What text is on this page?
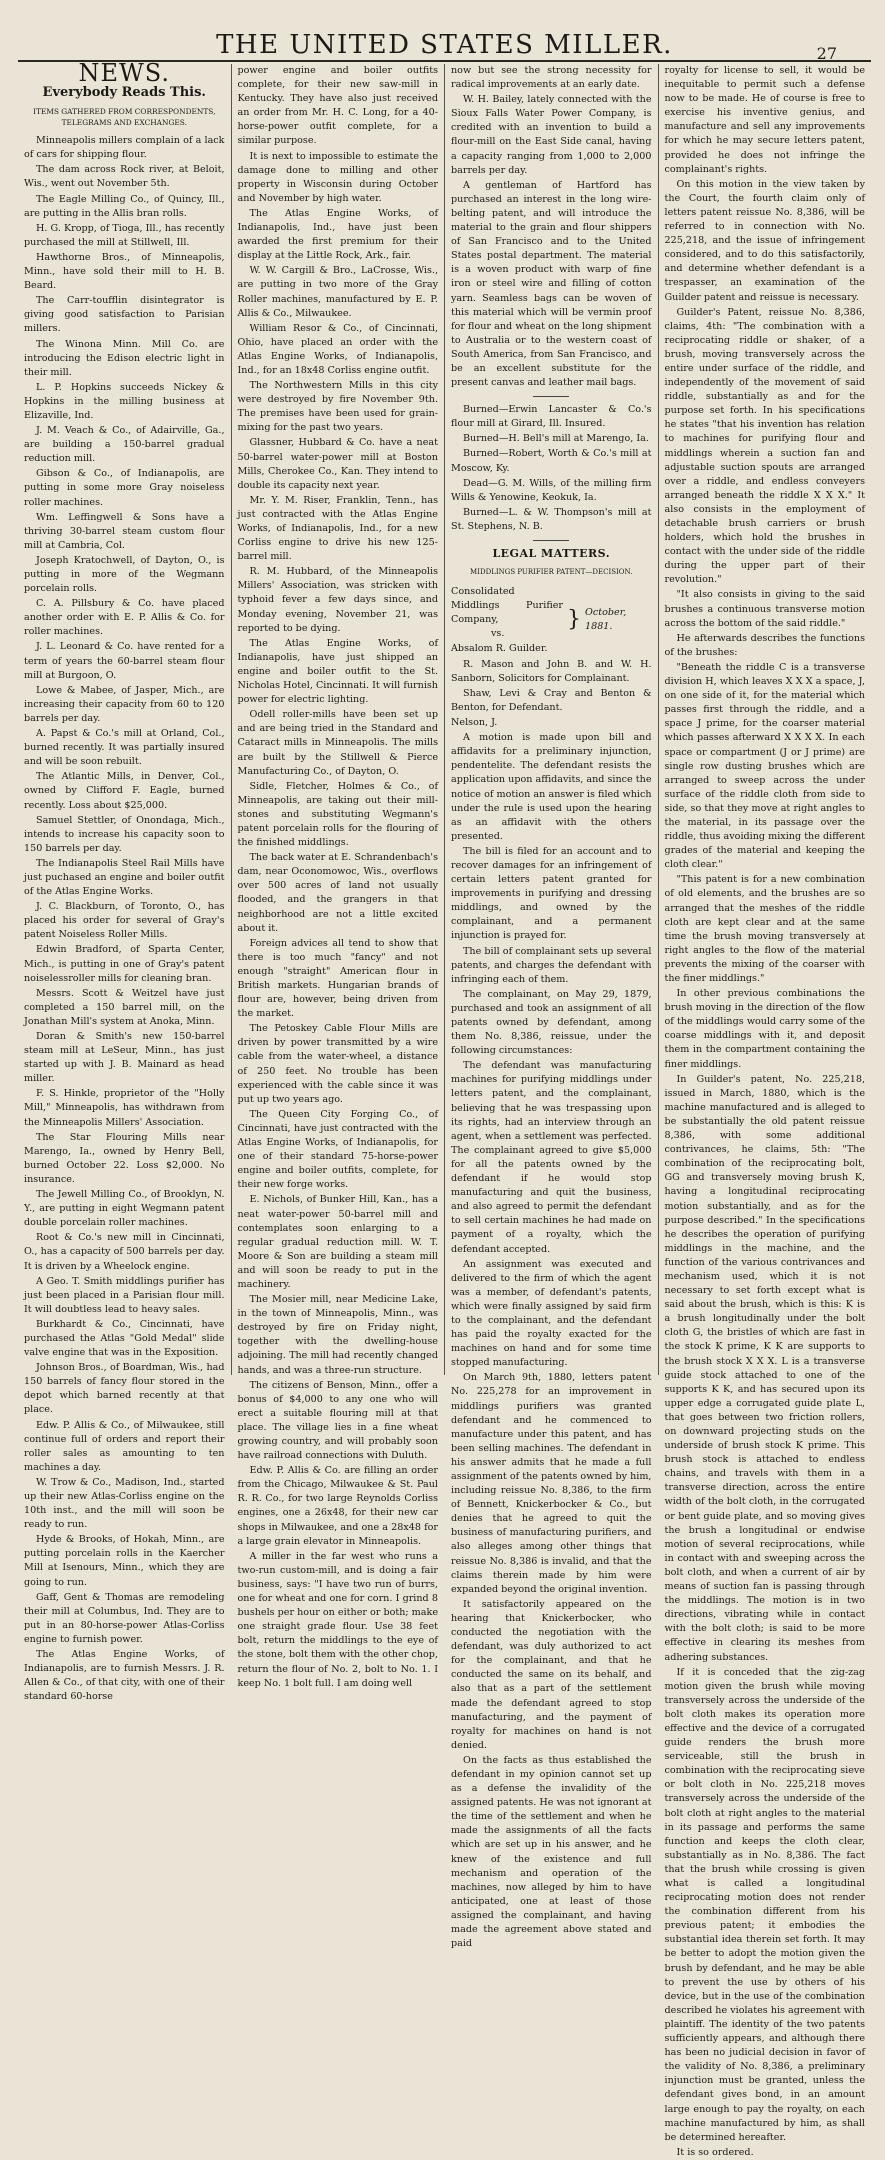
THE UNITED STATES MILLER.	27
NEWS.
Everybody Reads This.
ITEMS GATHERED FROM CORRESPONDENTS, TELEGRAMS AND EXCHANGES.

Minneapolis millers complain of a lack of cars for shipping flour.

The dam across Rock river, at Beloit, Wis., went out November 5th.

The Eagle Milling Co., of Quincy, Ill., are putting in the Allis bran rolls.

H. G. Kropp, of Tioga, Ill., has recently purchased the mill at Stillwell, Ill.

Hawthorne Bros., of Minneapolis, Minn., have sold their mill to H. B. Beard.

The Carr-toufflin disintegrator is giving good satisfaction to Parisian millers.

The Winona Minn. Mill Co. are introducing the Edison electric light in their mill.

L. P. Hopkins succeeds Nickey & Hopkins in the milling business at Elizaville, Ind.

J. M. Veach & Co., of Adairville, Ga., are building a 150-barrel gradual reduction mill.

Gibson & Co., of Indianapolis, are putting in some more Gray noiseless roller machines.

Wm. Leffingwell & Sons have a thriving 30-barrel steam custom flour mill at Cambria, Col.

Joseph Kratochwell, of Dayton, O., is putting in more of the Wegmann porcelain rolls.

C. A. Pillsbury & Co. have placed another order with E. P. Allis & Co. for roller machines.

J. L. Leonard & Co. have rented for a term of years the 60-barrel steam flour mill at Burgoon, O.

Lowe & Mabee, of Jasper, Mich., are increasing their capacity from 60 to 120 barrels per day.

A. Papst & Co.'s mill at Orland, Col., burned recently. It was partially insured and will be soon rebuilt.

The Atlantic Mills, in Denver, Col., owned by Clifford F. Eagle, burned recently. Loss about $25,000.

Samuel Stettler, of Onondaga, Mich., intends to increase his capacity soon to 150 barrels per day.

The Indianapolis Steel Rail Mills have just puchased an engine and boiler outfit of the Atlas Engine Works.

J. C. Blackburn, of Toronto, O., has placed his order for several of Gray's patent Noiseless Roller Mills.

Edwin Bradford, of Sparta Center, Mich., is putting in one of Gray's patent noiselessroller mills for cleaning bran.

Messrs. Scott & Weitzel have just completed a 150 barrel mill, on the Jonathan Mill's system at Anoka, Minn.

Doran & Smith's new 150-barrel steam mill at LeSeur, Minn., has just started up with J. B. Mainard as head miller.

F. S. Hinkle, proprietor of the "Holly Mill," Minneapolis, has withdrawn from the Minneapolis Millers' Association.

The Star Flouring Mills near Marengo, Ia., owned by Henry Bell, burned October 22. Loss $2,000. No insurance.

The Jewell Milling Co., of Brooklyn, N. Y., are putting in eight Wegmann patent double porcelain roller machines.

Root & Co.'s new mill in Cincinnati, O., has a capacity of 500 barrels per day. It is driven by a Wheelock engine.

A Geo. T. Smith middlings purifier has just been placed in a Parisian flour mill. It will doubtless lead to heavy sales.

Burkhardt & Co., Cincinnati, have purchased the Atlas "Gold Medal" slide valve engine that was in the Exposition.

Johnson Bros., of Boardman, Wis., had 150 barrels of fancy flour stored in the depot which barned recently at that place.

Edw. P. Allis & Co., of Milwaukee, still continue full of orders and report their roller sales as amounting to ten machines a day.

W. Trow & Co., Madison, Ind., started up their new Atlas-Corliss engine on the 10th inst., and the mill will soon be ready to run.

Hyde & Brooks, of Hokah, Minn., are putting porcelain rolls in the Kaercher Mill at Isenours, Minn., which they are going to run.

Gaff, Gent & Thomas are remodeling their mill at Columbus, Ind. They are to put in an 80-horse-power Atlas-Corliss engine to furnish power.

The Atlas Engine Works, of Indianapolis, are to furnish Messrs. J. R. Allen & Co., of that city, with one of their standard 60-horse

power engine and boiler outfits complete, for their new saw-mill in Kentucky. They have also just received an order from Mr. H. C. Long, for a 40-horse-power outfit complete, for a similar purpose.

It is next to impossible to estimate the damage done to milling and other property in Wisconsin during October and November by high water.

The Atlas Engine Works, of Indianapolis, Ind., have just been awarded the first premium for their display at the Little Rock, Ark., fair.

W. W. Cargill & Bro., LaCrosse, Wis., are putting in two more of the Gray Roller machines, manufactured by E. P. Allis & Co., Milwaukee.

William Resor & Co., of Cincinnati, Ohio, have placed an order with the Atlas Engine Works, of Indianapolis, Ind., for an 18x48 Corliss engine outfit.

The Northwestern Mills in this city were destroyed by fire November 9th. The premises have been used for grain-mixing for the past two years.

Glassner, Hubbard & Co. have a neat 50-barrel water-power mill at Boston Mills, Cherokee Co., Kan. They intend to double its capacity next year.

Mr. Y. M. Riser, Franklin, Tenn., has just contracted with the Atlas Engine Works, of Indianapolis, Ind., for a new Corliss engine to drive his new 125-barrel mill.

R. M. Hubbard, of the Minneapolis Millers' Association, was stricken with typhoid fever a few days since, and Monday evening, November 21, was reported to be dying.

The Atlas Engine Works, of Indianapolis, have just shipped an engine and boiler outfit to the St. Nicholas Hotel, Cincinnati. It will furnish power for electric lighting.

Odell roller-mills have been set up and are being tried in the Standard and Cataract mills in Minneapolis. The mills are built by the Stillwell & Pierce Manufacturing Co., of Dayton, O.

Sidle, Fletcher, Holmes & Co., of Minneapolis, are taking out their mill-stones and substituting Wegmann's patent porcelain rolls for the flouring of the finished middlings.

The back water at E. Schrandenbach's dam, near Oconomowoc, Wis., overflows over 500 acres of land not usually flooded, and the grangers in that neighborhood are not a little excited about it.

Foreign advices all tend to show that there is too much "fancy" and not enough "straight" American flour in British markets. Hungarian brands of flour are, however, being driven from the market.

The Petoskey Cable Flour Mills are driven by power transmitted by a wire cable from the water-wheel, a distance of 250 feet. No trouble has been experienced with the cable since it was put up two years ago.

The Queen City Forging Co., of Cincinnati, have just contracted with the Atlas Engine Works, of Indianapolis, for one of their standard 75-horse-power engine and boiler outfits, complete, for their new forge works.

E. Nichols, of Bunker Hill, Kan., has a neat water-power 50-barrel mill and contemplates soon enlarging to a regular gradual reduction mill. W. T. Moore & Son are building a steam mill and will soon be ready to put in the machinery.

The Mosier mill, near Medicine Lake, in the town of Minneapolis, Minn., was destroyed by fire on Friday night, together with the dwelling-house adjoining. The mill had recently changed hands, and was a three-run structure.

The citizens of Benson, Minn., offer a bonus of $4,000 to any one who will erect a suitable flouring mill at that place. The village lies in a fine wheat growing country, and will probably soon have railroad connections with Duluth.

Edw. P. Allis & Co. are filling an order from the Chicago, Milwaukee & St. Paul R. R. Co., for two large Reynolds Corliss engines, one a 26x48, for their new car shops in Milwaukee, and one a 28x48 for a large grain elevator in Minneapolis.

A miller in the far west who runs a two-run custom-mill, and is doing a fair business, says: "I have two run of burrs, one for wheat and one for corn. I grind 8 bushels per hour on either or both; make one straight grade flour. Use 38 feet bolt, return the middlings to the eye of the stone, bolt them with the other chop, return the flour of No. 2, bolt to No. 1. I keep No. 1 bolt full. I am doing well

now but see the strong necessity for radical improvements at an early date.

W. H. Bailey, lately connected with the Sioux Falls Water Power Company, is credited with an invention to build a flour-mill on the East Side canal, having a capacity ranging from 1,000 to 2,000 barrels per day.

A gentleman of Hartford has purchased an interest in the long wire-belting patent, and will introduce the material to the grain and flour shippers of San Francisco and to the United States postal department. The material is a woven product with warp of fine iron or steel wire and filling of cotton yarn. Seamless bags can be woven of this material which will be vermin proof for flour and wheat on the long shipment to Australia or to the western coast of South America, from San Francisco, and be an excellent substitute for the present canvas and leather mail bags.

Burned—Erwin Lancaster & Co.'s flour mill at Girard, Ill. Insured.

Burned—H. Bell's mill at Marengo, Ia.

Burned—Robert, Worth & Co.'s mill at Moscow, Ky.

Dead—G. M. Wills, of the milling firm Wills & Yenowine, Keokuk, Ia.

Burned—L. & W. Thompson's mill at St. Stephens, N. B.

LEGAL MATTERS.
MIDDLINGS PURIFIER PATENT—DECISION.
Consolidated Middlings Purifier Company,
vs.
Absalom R. Guilder.
} October, 1881.

R. Mason and John B. and W. H. Sanborn, Solicitors for Complainant.

Shaw, Levi & Cray and Benton & Benton, for Defendant.

Nelson, J.

A motion is made upon bill and affidavits for a preliminary injunction, pendentelite. The defendant resists the application upon affidavits, and since the notice of motion an answer is filed which under the rule is used upon the hearing as an affidavit with the others presented.

The bill is filed for an account and to recover damages for an infringement of certain letters patent granted for improvements in purifying and dressing middlings, and owned by the complainant, and a permanent injunction is prayed for.

The bill of complainant sets up several patents, and charges the defendant with infringing each of them.

The complainant, on May 29, 1879, purchased and took an assignment of all patents owned by defendant, among them No. 8,386, reissue, under the following circumstances:

The defendant was manufacturing machines for purifying middlings under letters patent, and the complainant, believing that he was trespassing upon its rights, had an interview through an agent, when a settlement was perfected. The complainant agreed to give $5,000 for all the patents owned by the defendant if he would stop manufacturing and quit the business, and also agreed to permit the defendant to sell certain machines he had made on payment of a royalty, which the defendant accepted.

An assignment was executed and delivered to the firm of which the agent was a member, of defendant's patents, which were finally assigned by said firm to the complainant, and the defendant has paid the royalty exacted for the machines on hand and for some time stopped manufacturing.

On March 9th, 1880, letters patent No. 225,278 for an improvement in middlings purifiers was granted defendant and he commenced to manufacture under this patent, and has been selling machines. The defendant in his answer admits that he made a full assignment of the patents owned by him, including reissue No. 8,386, to the firm of Bennett, Knickerbocker & Co., but denies that he agreed to quit the business of manufacturing purifiers, and also alleges among other things that reissue No. 8,386 is invalid, and that the claims therein made by him were expanded beyond the original invention.

It satisfactorily appeared on the hearing that Knickerbocker, who conducted the negotiation with the defendant, was duly authorized to act for the complainant, and that he conducted the same on its behalf, and also that as a part of the settlement made the defendant agreed to stop manufacturing, and the payment of royalty for machines on hand is not denied.

On the facts as thus established the defendant in my opinion cannot set up as a defense the invalidity of the assigned patents. He was not ignorant at the time of the settlement and when he made the assignments of all the facts which are set up in his answer, and he knew of the existence and full mechanism and operation of the machines, now alleged by him to have anticipated, one at least of those assigned the complainant, and having made the agreement above stated and paid

royalty for license to sell, it would be inequitable to permit such a defense now to be made. He of course is free to exercise his inventive genius, and manufacture and sell any improvements for which he may secure letters patent, provided he does not infringe the complainant's rights.

On this motion in the view taken by the Court, the fourth claim only of letters patent reissue No. 8,386, will be referred to in connection with No. 225,218, and the issue of infringement considered, and to do this satisfactorily, and determine whether defendant is a trespasser, an examination of the Guilder patent and reissue is necessary.

Guilder's Patent, reissue No. 8,386, claims, 4th: "The combination with a reciprocating riddle or shaker, of a brush, moving transversely across the entire under surface of the riddle, and independently of the movement of said riddle, substantially as and for the purpose set forth. In his specifications he states "that his invention has relation to machines for purifying flour and middlings wherein a suction fan and adjustable suction spouts are arranged over a riddle, and endless conveyers arranged beneath the riddle X X X." It also consists in the employment of detachable brush carriers or brush holders, which hold the brushes in contact with the under side of the riddle during the upper part of their revolution."

"It also consists in giving to the said brushes a continuous transverse motion across the bottom of the said riddle."

He afterwards describes the functions of the brushes:

"Beneath the riddle C is a transverse division H, which leaves X X X a space, J, on one side of it, for the material which passes first through the riddle, and a space J prime, for the coarser material which passes afterward X X X X. In each space or compartment (J or J prime) are single row dusting brushes which are arranged to sweep across the under surface of the riddle cloth from side to side, so that they move at right angles to the material, in its passage over the riddle, thus avoiding mixing the different grades of the material and keeping the cloth clear."

"This patent is for a new combination of old elements, and the brushes are so arranged that the meshes of the riddle cloth are kept clear and at the same time the brush moving transversely at right angles to the flow of the material prevents the mixing of the coarser with the finer middlings."

In other previous combinations the brush moving in the direction of the flow of the middlings would carry some of the coarse middlings with it, and deposit them in the compartment containing the finer middlings.

In Guilder's patent, No. 225,218, issued in March, 1880, which is the machine manufactured and is alleged to be substantially the old patent reissue 8,386, with some additional contrivances, he claims, 5th: "The combination of the reciprocating bolt, GG and transversely moving brush K, having a longitudinal reciprocating motion substantially, and as for the purpose described." In the specifications he describes the operation of purifying middlings in the machine, and the function of the various contrivances and mechanism used, which it is not necessary to set forth except what is said about the brush, which is this: K is a brush longitudinally under the bolt cloth G, the bristles of which are fast in the stock K prime, K K are supports to the brush stock X X X. L is a transverse guide stock attached to one of the supports K K, and has secured upon its upper edge a corrugated guide plate L, that goes between two friction rollers, on downward projecting studs on the underside of brush stock K prime. This brush stock is attached to endless chains, and travels with them in a transverse direction, across the entire width of the bolt cloth, in the corrugated or bent guide plate, and so moving gives the brush a longitudinal or endwise motion of several reciprocations, while in contact with and sweeping across the bolt cloth, and when a current of air by means of suction fan is passing through the middlings. The motion is in two directions, vibrating while in contact with the bolt cloth; is said to be more effective in clearing its meshes from adhering substances.

If it is conceded that the zig-zag motion given the brush while moving transversely across the underside of the bolt cloth makes its operation more effective and the device of a corrugated guide renders the brush more serviceable, still the brush in combination with the reciprocating sieve or bolt cloth in No. 225,218 moves transversely across the underside of the bolt cloth at right angles to the material in its passage and performs the same function and keeps the cloth clear, substantially as in No. 8,386. The fact that the brush while crossing is given what is called a longitudinal reciprocating motion does not render the combination different from his previous patent; it embodies the substantial idea therein set forth. It may be better to adopt the motion given the brush by defendant, and he may be able to prevent the use by others of his device, but in the use of the combination described he violates his agreement with plaintiff. The identity of the two patents sufficiently appears, and although there has been no judicial decision in favor of the validity of No. 8,386, a preliminary injunction must be granted, unless the defendant gives bond, in an amount large enough to pay the royalty, on each machine manufactured by him, as shall be determined hereafter.

It is so ordered.
